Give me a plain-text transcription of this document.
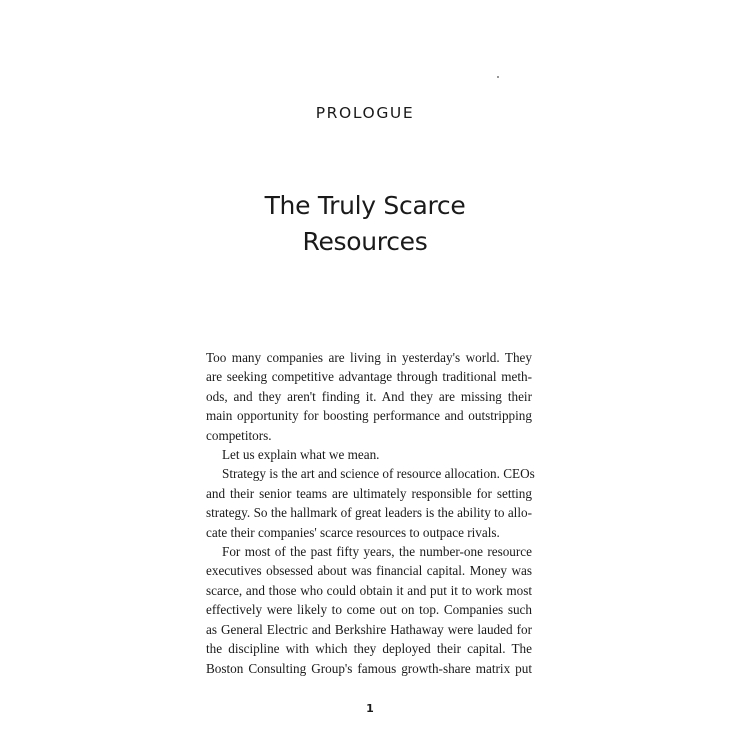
PROLOGUE
The Truly Scarce
Resources
Too many companies are living in yesterday's world. They
are seeking competitive advantage through traditional meth-
ods, and they aren't finding it. And they are missing their
main opportunity for boosting performance and outstripping
competitors.
Let us explain what we mean.
Strategy is the art and science of resource allocation. CEOs
and their senior teams are ultimately responsible for setting
strategy. So the hallmark of great leaders is the ability to allo-
cate their companies' scarce resources to outpace rivals.
For most of the past fifty years, the number-one resource
executives obsessed about was financial capital. Money was
scarce, and those who could obtain it and put it to work most
effectively were likely to come out on top. Companies such
as General Electric and Berkshire Hathaway were lauded for
the discipline with which they deployed their capital. The
Boston Consulting Group's famous growth-share matrix put
1
